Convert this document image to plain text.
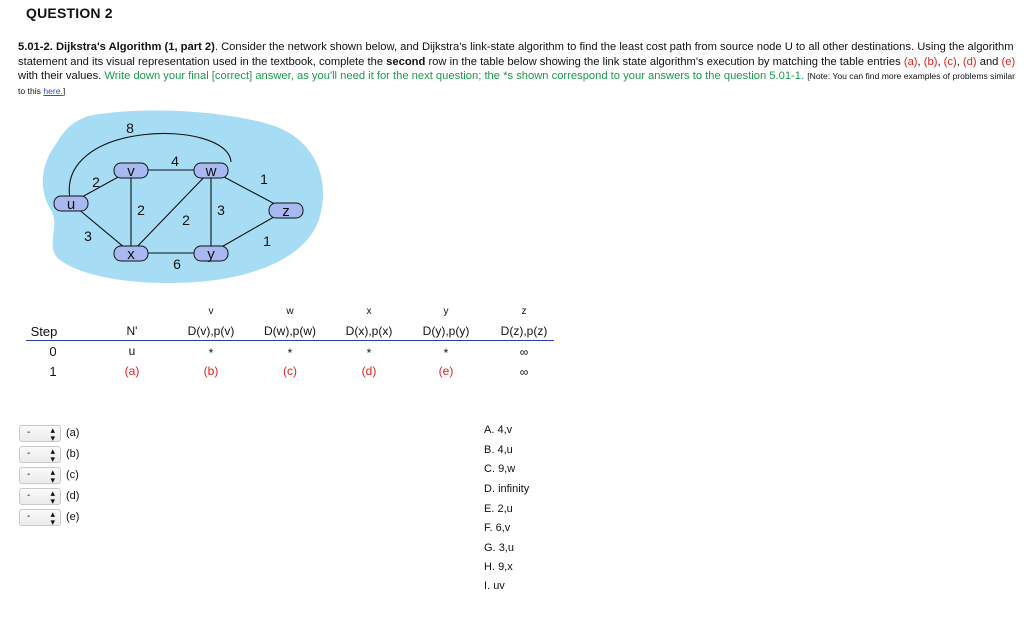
QUESTION 2
5.01-2. Dijkstra's Algorithm (1, part 2). Consider the network shown below, and Dijkstra's link-state algorithm to find the least cost path from source node U to all other destinations. Using the algorithm statement and its visual representation used in the textbook, complete the second row in the table below showing the link state algorithm's execution by matching the table entries (a), (b), (c), (d) and (e) with their values. Write down your final [correct] answer, as you'll need it for the next question; the *s shown correspond to your answers to the question 5.01-1. [Note: You can find more examples of problems similar to this here.]
8
4
2	1
2
2
3
3	1
6
u
v	w
x	y
z
v	w	x	y	z
Step	N'	D(v),p(v)	D(w),p(w)	D(x),p(x)	D(y),p(y)	D(z),p(z)
0	u	*	*	*	*	∞
1	(a)	(b)	(c)	(d)	(e)	∞
- ▴
▾ (a)
- ▴
▾ (b)
- ▴
▾ (c)
- ▴
▾ (d)
- ▴
▾ (e)
A. 4,v
B. 4,u
C. 9,w
D. infinity
E. 2,u
F. 6,v
G. 3,u
H. 9,x
I. uv
